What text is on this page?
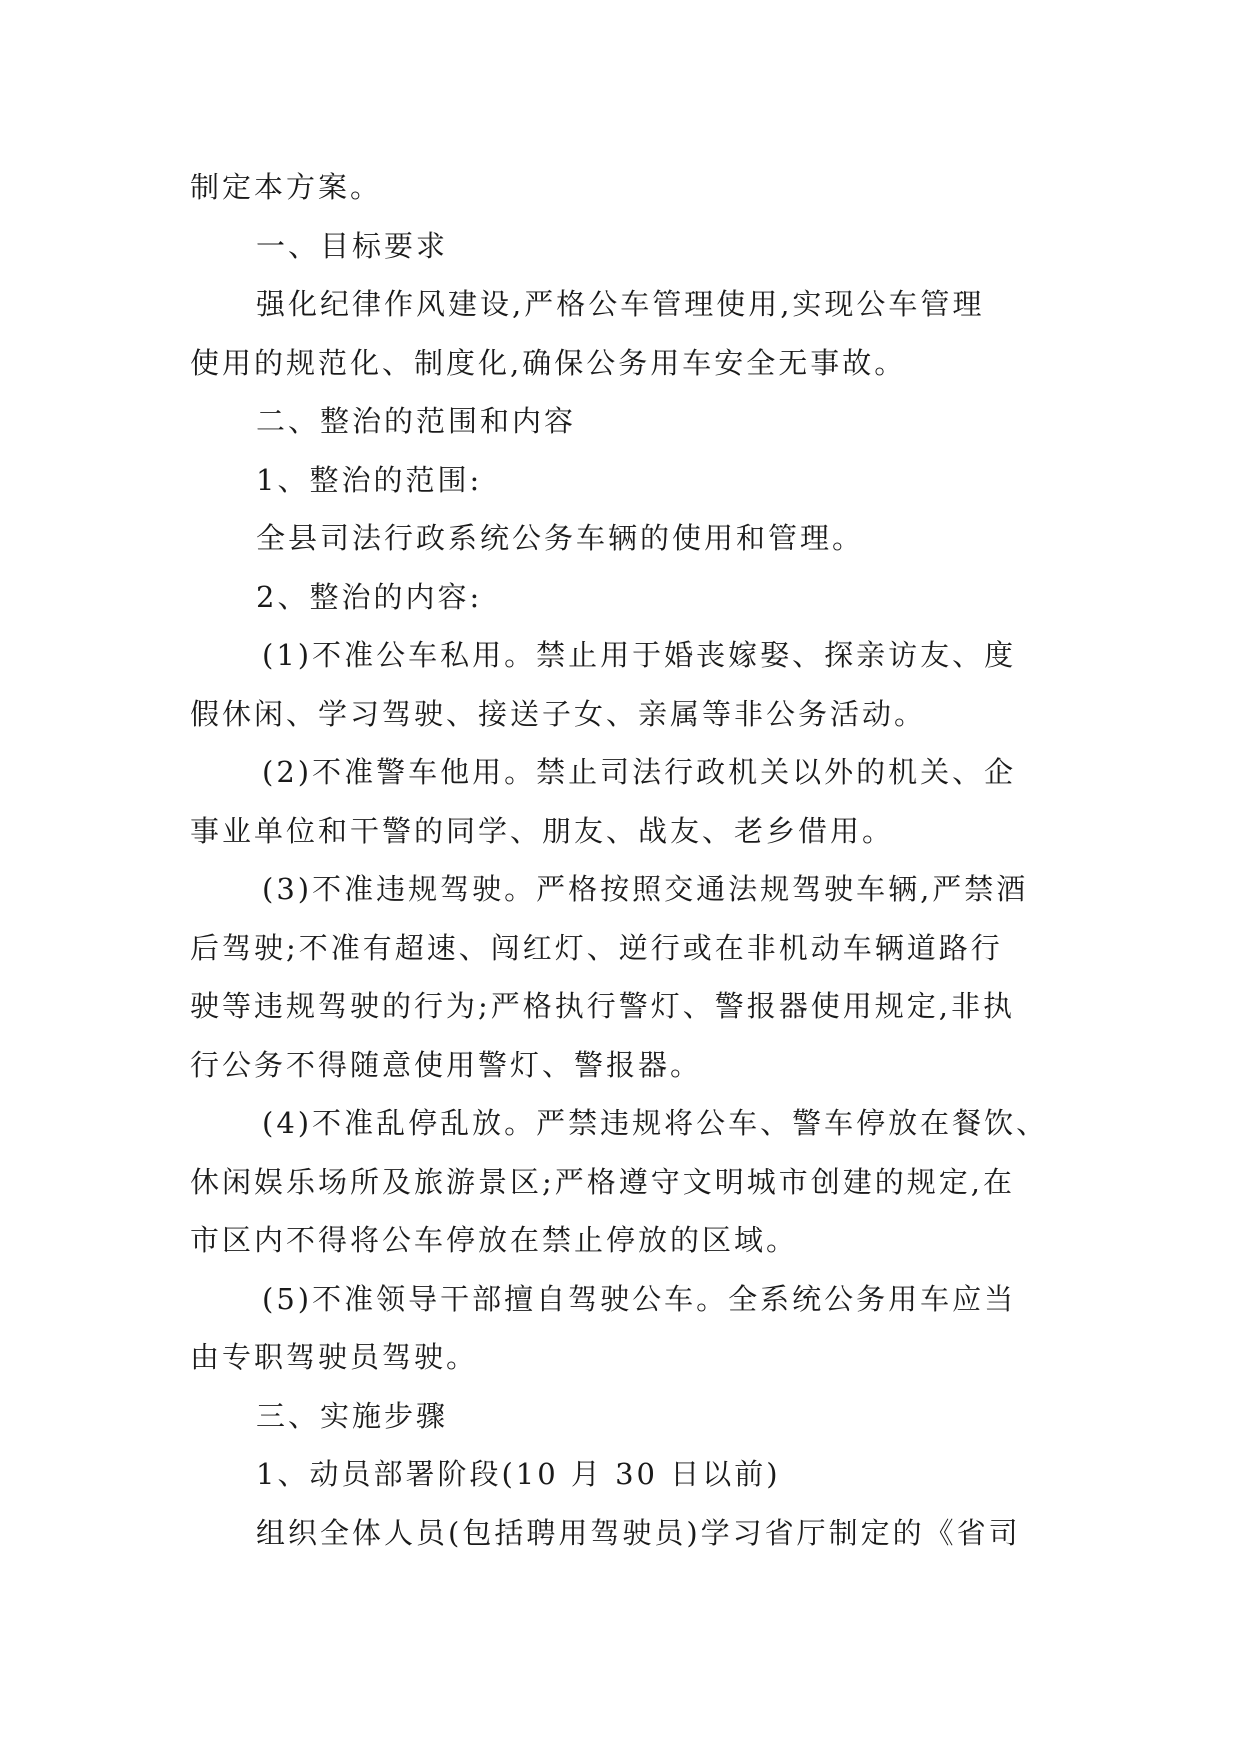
制定本方案。
一、目标要求
强化纪律作风建设,严格公车管理使用,实现公车管理
使用的规范化、制度化,确保公务用车安全无事故。
二、整治的范围和内容
1、整治的范围:
全县司法行政系统公务车辆的使用和管理。
2、整治的内容:
(1)不准公车私用。禁止用于婚丧嫁娶、探亲访友、度
假休闲、学习驾驶、接送子女、亲属等非公务活动。
(2)不准警车他用。禁止司法行政机关以外的机关、企
事业单位和干警的同学、朋友、战友、老乡借用。
(3)不准违规驾驶。严格按照交通法规驾驶车辆,严禁酒
后驾驶;不准有超速、闯红灯、逆行或在非机动车辆道路行
驶等违规驾驶的行为;严格执行警灯、警报器使用规定,非执
行公务不得随意使用警灯、警报器。
(4)不准乱停乱放。严禁违规将公车、警车停放在餐饮、
休闲娱乐场所及旅游景区;严格遵守文明城市创建的规定,在
市区内不得将公车停放在禁止停放的区域。
(5)不准领导干部擅自驾驶公车。全系统公务用车应当
由专职驾驶员驾驶。
三、实施步骤
1、动员部署阶段(10 月 30 日以前)
组织全体人员(包括聘用驾驶员)学习省厅制定的《省司
